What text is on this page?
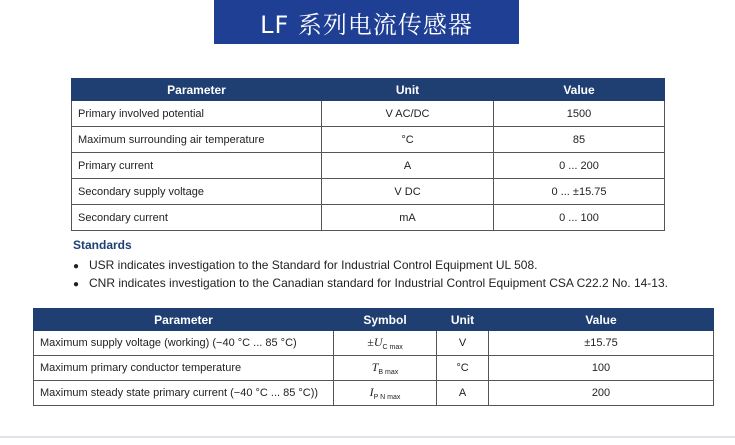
LF 系列电流传感器
Parameter	Unit	Value
Primary involved potential	V AC/DC	1500
Maximum surrounding air temperature	°C	85
Primary current	A	0 ... 200
Secondary supply voltage	V DC	0 ... ±15.75
Secondary current	mA	0 ... 100
Standards
● USR indicates investigation to the Standard for Industrial Control Equipment UL 508.
● CNR indicates investigation to the Canadian standard for Industrial Control Equipment CSA C22.2 No. 14-13.
Parameter	Symbol	Unit	Value
Maximum supply voltage (working) (−40 °C ... 85 °C)	$\pm U_{C max}$	V	±15.75
Maximum primary conductor temperature	$T_{B max}$	°C	100
Maximum steady state primary current (−40 °C ... 85 °C))	$I_{P N max}$	A	200
